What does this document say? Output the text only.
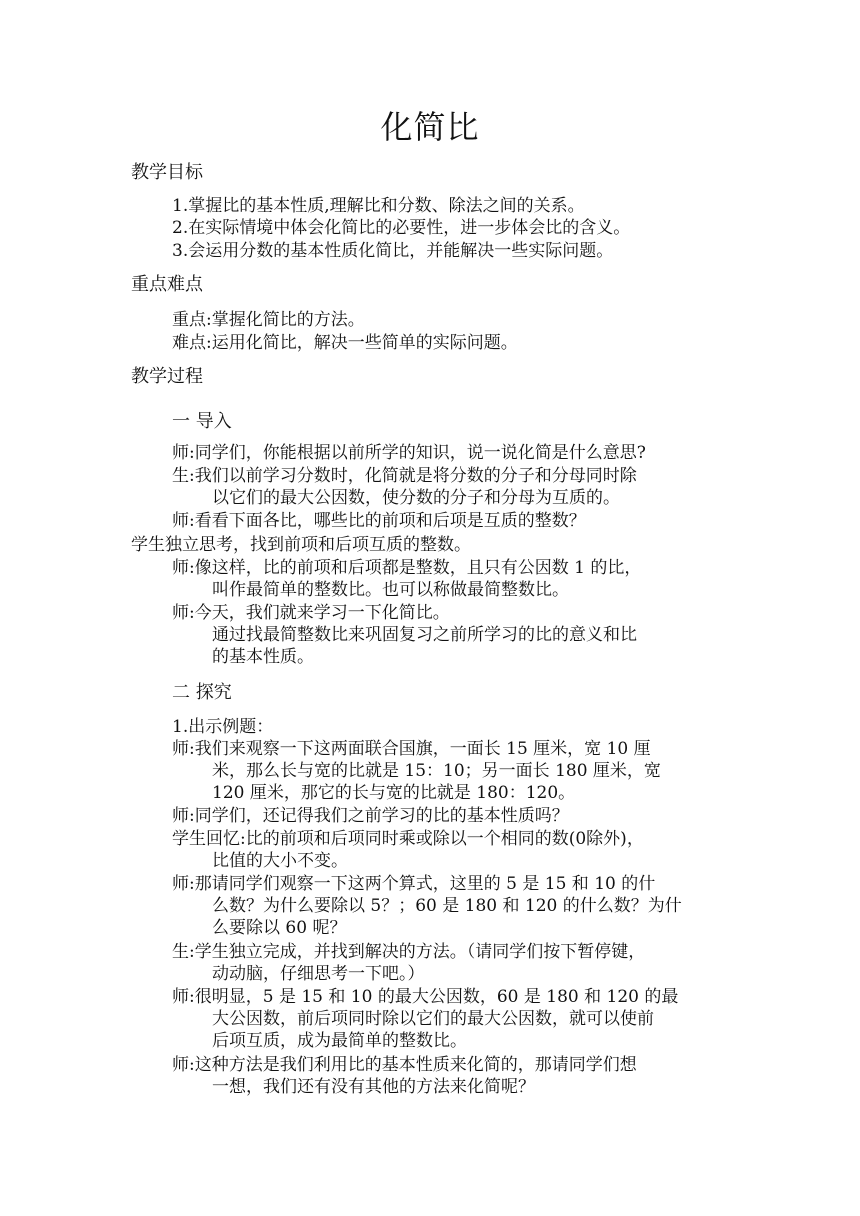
化简比
教学目标
1.掌握比的基本性质,理解比和分数、除法之间的关系。
2.在实际情境中体会化简比的必要性，进一步体会比的含义。
3.会运用分数的基本性质化简比，并能解决一些实际问题。
重点难点
重点:掌握化简比的方法。
难点:运用化简比，解决一些简单的实际问题。
教学过程
一 导入
师:同学们，你能根据以前所学的知识，说一说化简是什么意思?
生:我们以前学习分数时，化简就是将分数的分子和分母同时除
以它们的最大公因数，使分数的分子和分母为互质的。
师:看看下面各比，哪些比的前项和后项是互质的整数？
学生独立思考，找到前项和后项互质的整数。
师:像这样，比的前项和后项都是整数，且只有公因数 1 的比，
叫作最简单的整数比。也可以称做最简整数比。
师:今天，我们就来学习一下化简比。
通过找最简整数比来巩固复习之前所学习的比的意义和比
的基本性质。
二 探究
1.出示例题：
师:我们来观察一下这两面联合国旗，一面长 15 厘米，宽 10 厘
米，那么长与宽的比就是 15：10；另一面长 180 厘米，宽
120 厘米，那它的长与宽的比就是 180：120。
师:同学们，还记得我们之前学习的比的基本性质吗？
学生回忆:比的前项和后项同时乘或除以一个相同的数(0除外)，
比值的大小不变。
师:那请同学们观察一下这两个算式，这里的 5 是 15 和 10 的什
么数？为什么要除以 5？；60 是 180 和 120 的什么数？为什
么要除以 60 呢？
生:学生独立完成，并找到解决的方法。（请同学们按下暂停键，
动动脑，仔细思考一下吧。）
师:很明显，5 是 15 和 10 的最大公因数，60 是 180 和 120 的最
大公因数，前后项同时除以它们的最大公因数，就可以使前
后项互质，成为最简单的整数比。
师:这种方法是我们利用比的基本性质来化简的，那请同学们想
一想，我们还有没有其他的方法来化简呢？
